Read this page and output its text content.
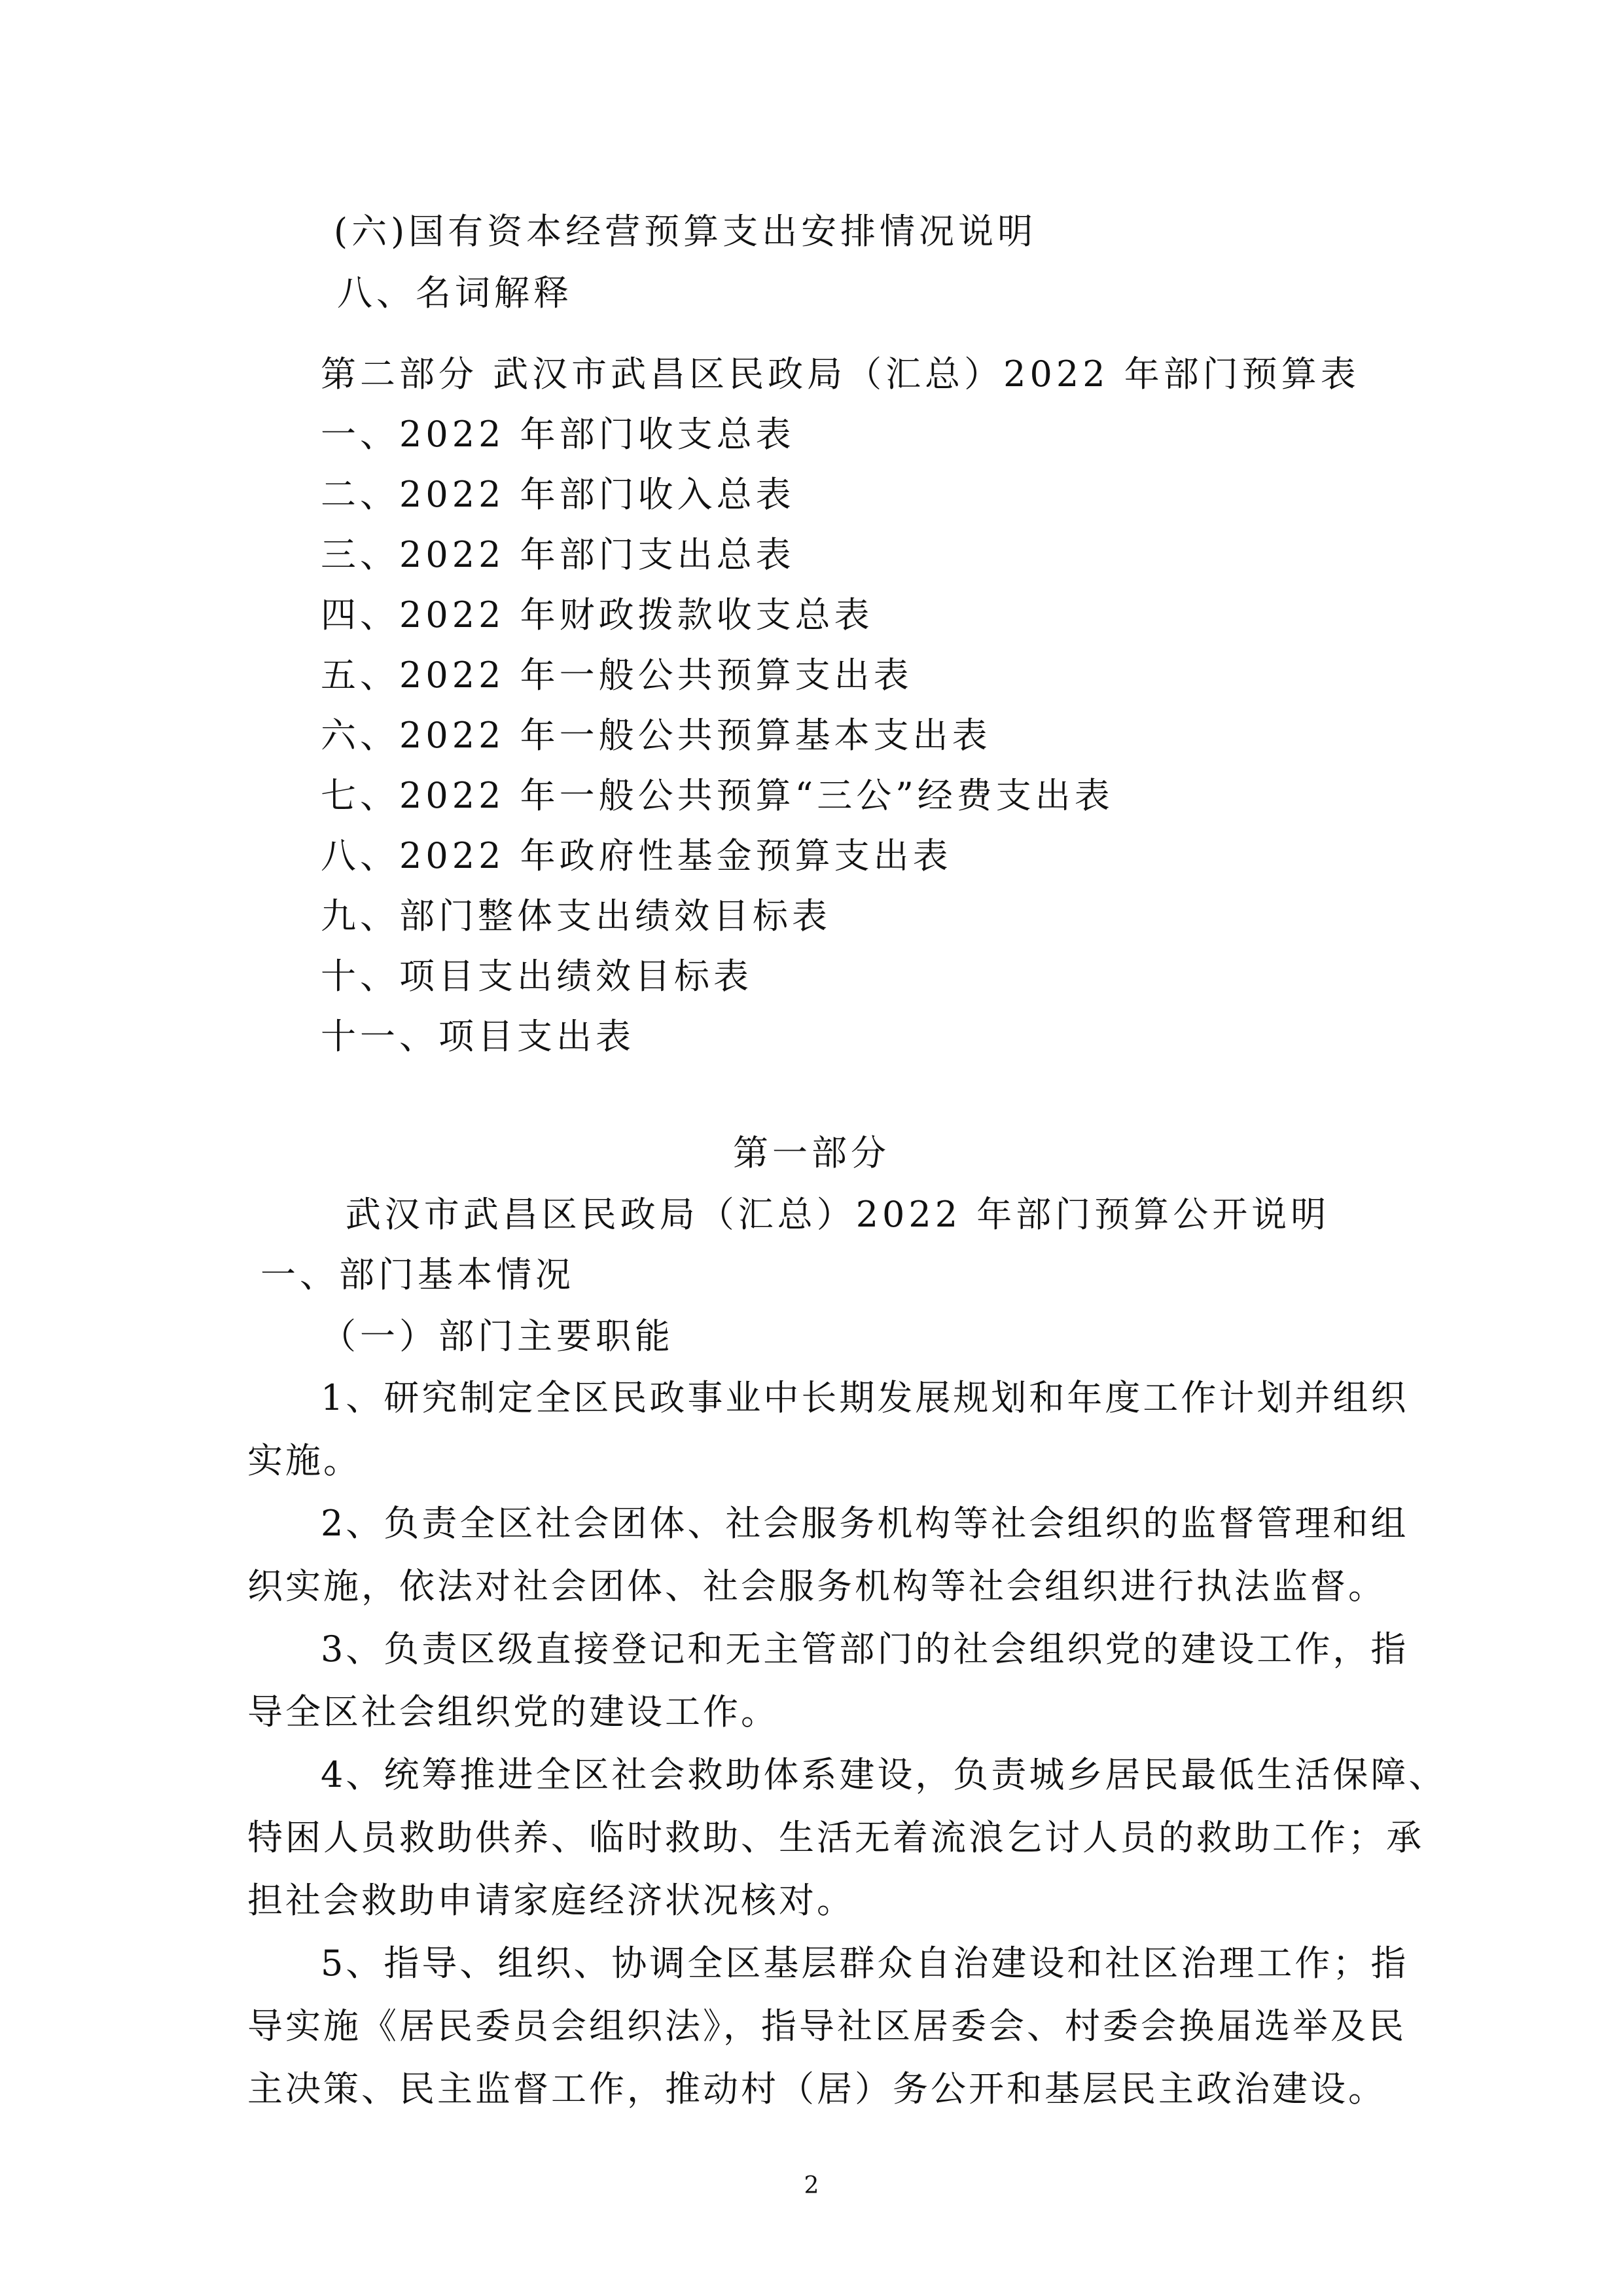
(六)国有资本经营预算支出安排情况说明
八、名词解释
第二部分 武汉市武昌区民政局（汇总）2022 年部门预算表
一、2022 年部门收支总表
二、2022 年部门收入总表
三、2022 年部门支出总表
四、2022 年财政拨款收支总表
五、2022 年一般公共预算支出表
六、2022 年一般公共预算基本支出表
七、2022 年一般公共预算“三公”经费支出表
八、2022 年政府性基金预算支出表
九、部门整体支出绩效目标表
十、项目支出绩效目标表
十一、项目支出表
第一部分
武汉市武昌区民政局（汇总）2022 年部门预算公开说明
一、部门基本情况
（一）部门主要职能
1、研究制定全区民政事业中长期发展规划和年度工作计划并组织
实施。
2、负责全区社会团体、社会服务机构等社会组织的监督管理和组
织实施，依法对社会团体、社会服务机构等社会组织进行执法监督。
3、负责区级直接登记和无主管部门的社会组织党的建设工作，指
导全区社会组织党的建设工作。
4、统筹推进全区社会救助体系建设，负责城乡居民最低生活保障、
特困人员救助供养、临时救助、生活无着流浪乞讨人员的救助工作；承
担社会救助申请家庭经济状况核对。
5、指导、组织、协调全区基层群众自治建设和社区治理工作；指
导实施《居民委员会组织法》，指导社区居委会、村委会换届选举及民
主决策、民主监督工作，推动村（居）务公开和基层民主政治建设。
2
